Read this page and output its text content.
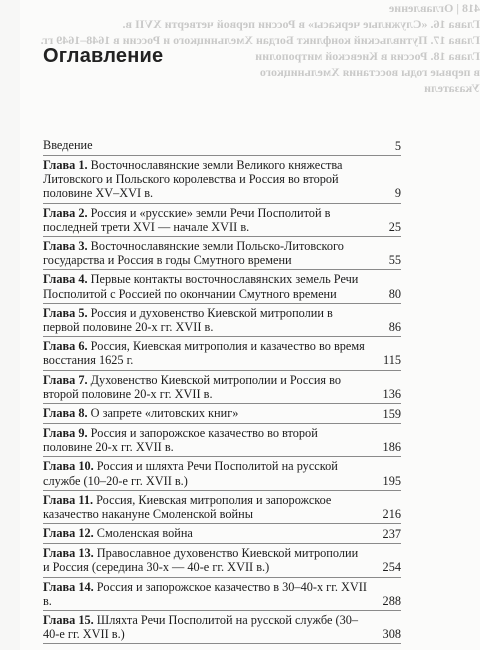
418 | Оглавление
Глава 16. «Служилые черкасы» в России первой четверти XVII в.
Глава 17. Путивльский конфликт Богдан Хмельницкого и России в 1648–1649 гг.
Глава 18. Россия в Киевской митрополии
в первые годы восстания Хмельницкого
Указатели
Оглавление
Введение	5
Глава 1. Восточнославянские земли Великого княжества Литовского и Польского королевства и Россия во второй половине XV–XVI в.	9
Глава 2. Россия и «русские» земли Речи Посполитой в последней трети XVI — начале XVII в.	25
Глава 3. Восточнославянские земли Польско-Литовского государства и Россия в годы Смутного времени	55
Глава 4. Первые контакты восточнославянских земель Речи Посполитой с Россией по окончании Смутного времени	80
Глава 5. Россия и духовенство Киевской митрополии в первой половине 20-х гг. XVII в.	86
Глава 6. Россия, Киевская митрополия и казачество во время восстания 1625 г.	115
Глава 7. Духовенство Киевской митрополии и Россия во второй половине 20-х гг. XVII в.	136
Глава 8. О запрете «литовских книг»	159
Глава 9. Россия и запорожское казачество во второй половине 20-х гг. XVII в.	186
Глава 10. Россия и шляхта Речи Посполитой на русской службе (10–20-е гг. XVII в.)	195
Глава 11. Россия, Киевская митрополия и запорожское казачество накануне Смоленской войны	216
Глава 12. Смоленская война	237
Глава 13. Православное духовенство Киевской митрополии и Россия (середина 30-х — 40-е гг. XVII в.)	254
Глава 14. Россия и запорожское казачество в 30–40-х гг. XVII в.	288
Глава 15. Шляхта Речи Посполитой на русской службе (30–40-е гг. XVII в.)	308
